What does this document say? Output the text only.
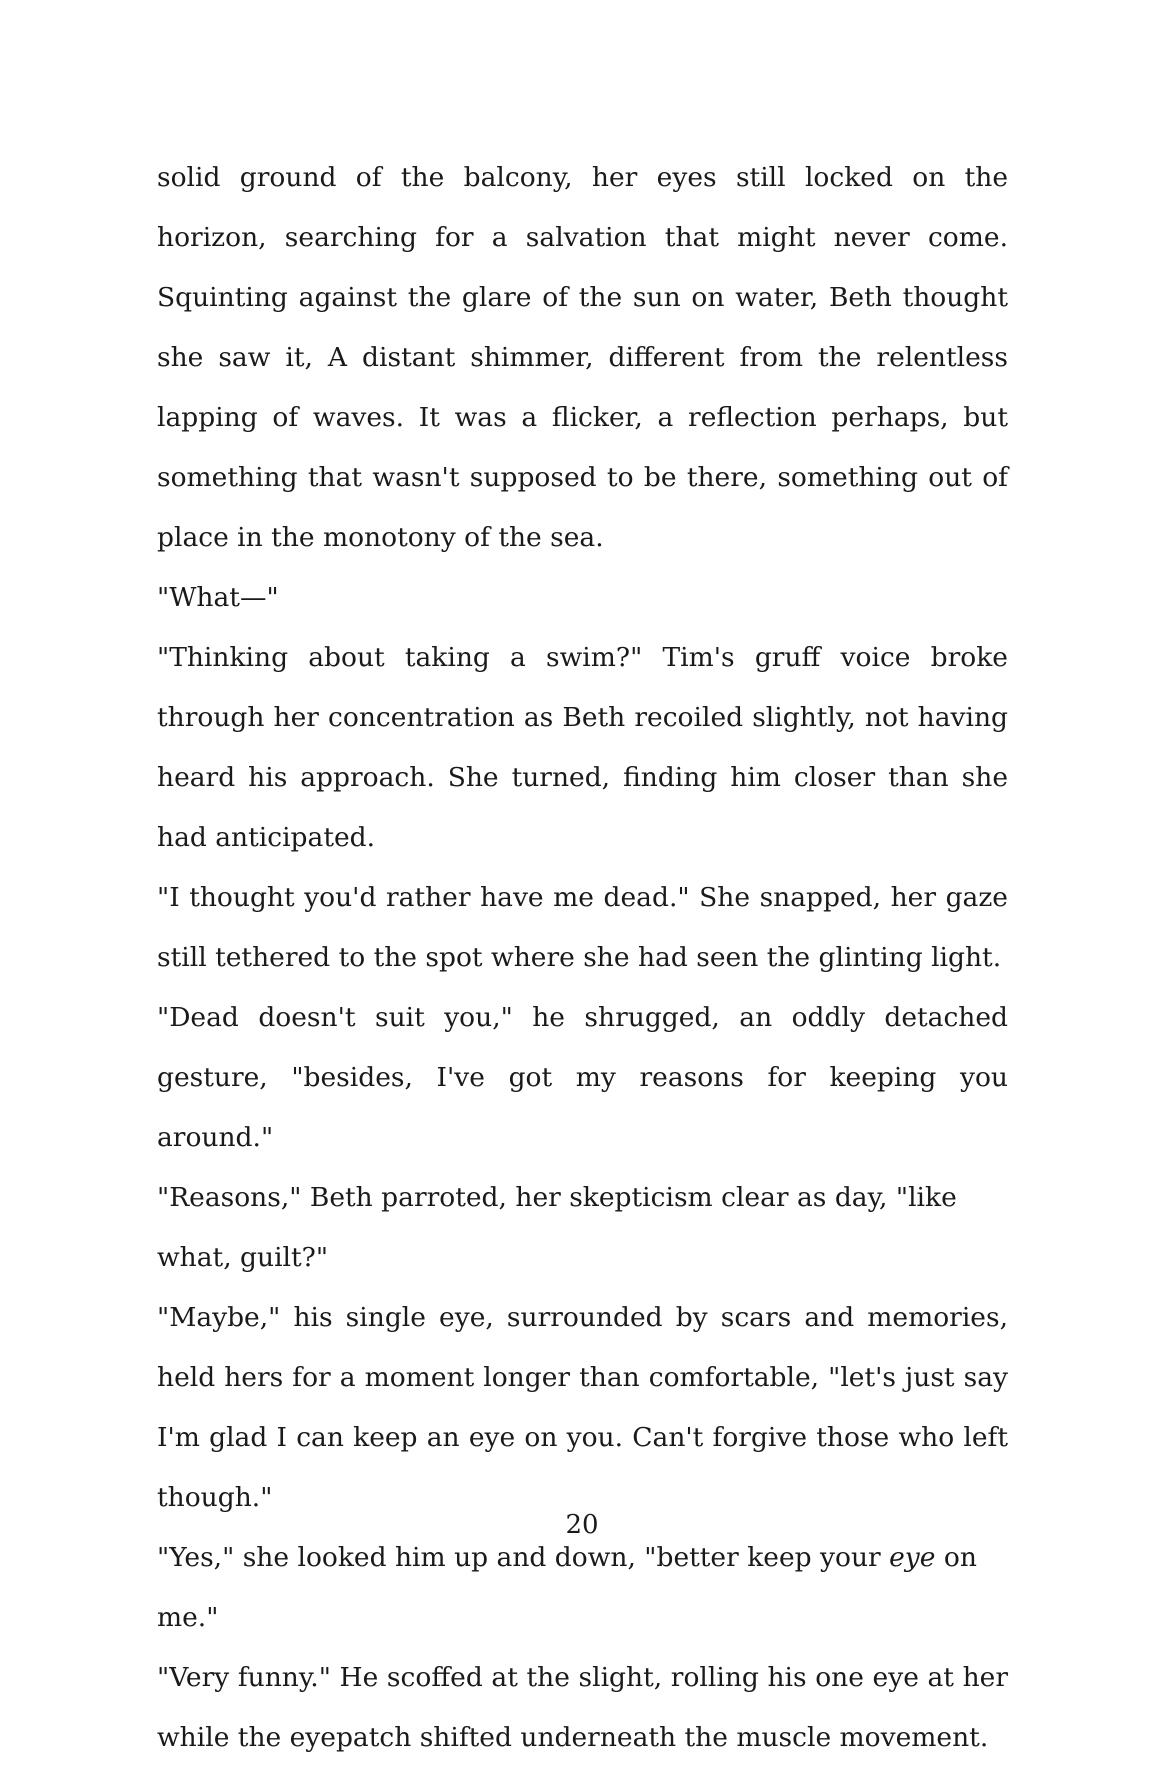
solid ground of the balcony, her eyes still locked on the horizon, searching for a salvation that might never come. Squinting against the glare of the sun on water, Beth thought she saw it, A distant shimmer, different from the relentless lapping of waves. It was a flicker, a reflection perhaps, but something that wasn't supposed to be there, something out of place in the monotony of the sea.

"What—"

"Thinking about taking a swim?" Tim's gruff voice broke through her concentration as Beth recoiled slightly, not having heard his approach. She turned, finding him closer than she had anticipated.

"I thought you'd rather have me dead." She snapped, her gaze still tethered to the spot where she had seen the glinting light.

"Dead doesn't suit you," he shrugged, an oddly detached gesture, "besides, I've got my reasons for keeping you around."

"Reasons," Beth parroted, her skepticism clear as day, "like what, guilt?"

"Maybe," his single eye, surrounded by scars and memories, held hers for a moment longer than comfortable, "let's just say I'm glad I can keep an eye on you. Can't forgive those who left though."

"Yes," she looked him up and down, "better keep your eye on me."

"Very funny." He scoffed at the slight, rolling his one eye at her while the eyepatch shifted underneath the muscle movement.

20
